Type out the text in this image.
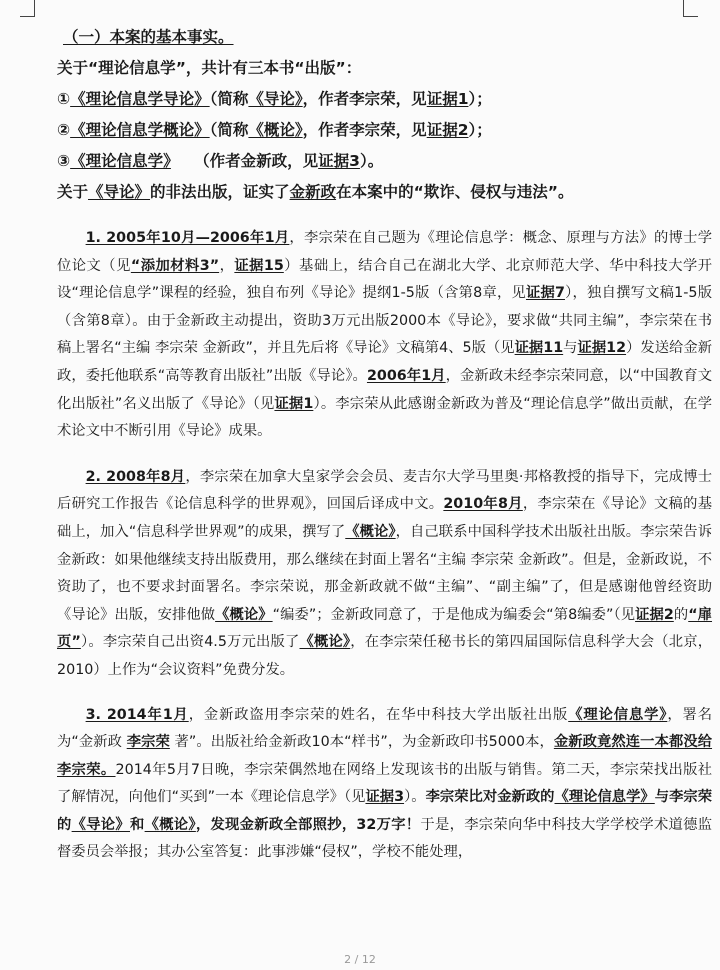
（一）本案的基本事实。
关于“理论信息学”，共计有三本书“出版”：
①《理论信息学导论》（简称《导论》，作者李宗荣，见证据1）；
②《理论信息学概论》（简称《概论》，作者李宗荣，见证据2）；
③《理论信息学》　　（作者金新政，见证据3）。
关于《导论》的非法出版，证实了金新政在本案中的“欺诈、侵权与违法”。
1. 2005年10月—2006年1月，李宗荣在自己题为《理论信息学：概念、原理与方法》的博士学位论文（见“添加材料3”，证据15）基础上，结合自己在湖北大学、北京师范大学、华中科技大学开设“理论信息学”课程的经验，独自布列《导论》提纲1-5版（含第8章，见证据7），独自撰写文稿1-5版（含第8章）。由于金新政主动提出，资助3万元出版2000本《导论》，要求做“共同主编”，李宗荣在书稿上署名“主编 李宗荣 金新政”，并且先后将《导论》文稿第4、5版（见证据11与证据12）发送给金新政，委托他联系“高等教育出版社”出版《导论》。2006年1月，金新政未经李宗荣同意，以“中国教育文化出版社”名义出版了《导论》（见证据1）。李宗荣从此感谢金新政为普及“理论信息学”做出贡献，在学术论文中不断引用《导论》成果。
2. 2008年8月，李宗荣在加拿大皇家学会会员、麦吉尔大学马里奥·邦格教授的指导下，完成博士后研究工作报告《论信息科学的世界观》，回国后译成中文。2010年8月，李宗荣在《导论》文稿的基础上，加入“信息科学世界观”的成果，撰写了《概论》，自己联系中国科学技术出版社出版。李宗荣告诉金新政：如果他继续支持出版费用，那么继续在封面上署名“主编 李宗荣 金新政”。但是，金新政说，不资助了，也不要求封面署名。李宗荣说，那金新政就不做“主编”、“副主编”了，但是感谢他曾经资助《导论》出版，安排他做《概论》“编委”；金新政同意了，于是他成为编委会“第8编委”（见证据2的“扉页”）。李宗荣自己出资4.5万元出版了《概论》，在李宗荣任秘书长的第四届国际信息科学大会（北京，2010）上作为“会议资料”免费分发。
3. 2014年1月，金新政盗用李宗荣的姓名，在华中科技大学出版社出版《理论信息学》，署名为“金新政 李宗荣 著”。出版社给金新政10本“样书”，为金新政印书5000本，金新政竟然连一本都没给李宗荣。2014年5月7日晚，李宗荣偶然地在网络上发现该书的出版与销售。第二天，李宗荣找出版社了解情况，向他们“买到”一本《理论信息学》（见证据3）。李宗荣比对金新政的《理论信息学》与李宗荣的《导论》和《概论》，发现金新政全部照抄，32万字！于是，李宗荣向华中科技大学学校学术道德监督委员会举报；其办公室答复：此事涉嫌“侵权”，学校不能处理，
2 / 12
